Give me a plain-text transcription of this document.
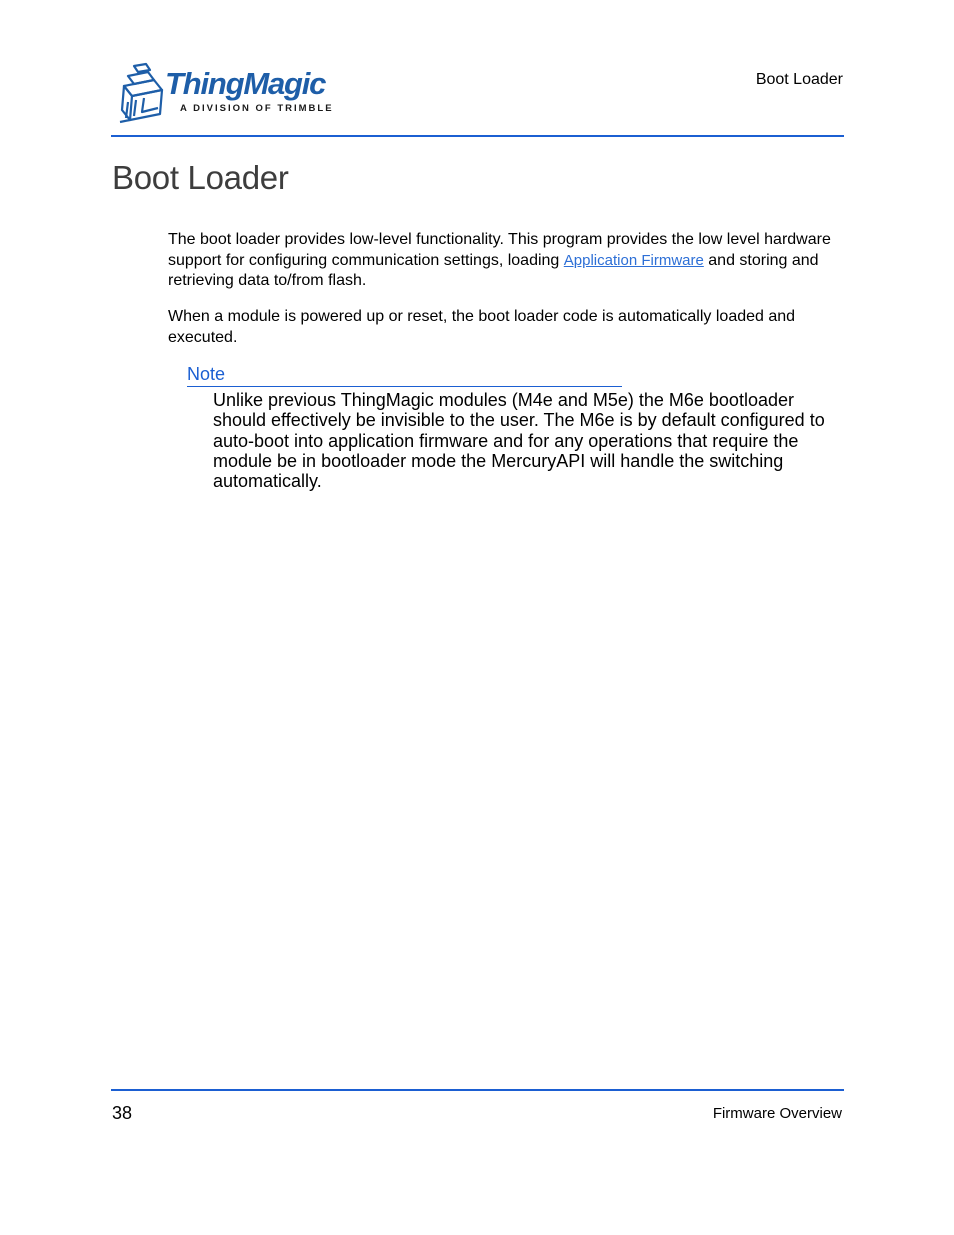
ThingMagic
A DIVISION OF TRIMBLE
Boot Loader
Boot Loader

The boot loader provides low-level functionality. This program provides the low level hardware support for configuring communication settings, loading Application Firmware and storing and retrieving data to/from flash.

When a module is powered up or reset, the boot loader code is automatically loaded and executed.

Note

Unlike previous ThingMagic modules (M4e and M5e) the M6e bootloader should effectively be invisible to the user. The M6e is by default configured to auto-boot into application firmware and for any operations that require the module be in bootloader mode the MercuryAPI will handle the switching automatically.

38	Firmware Overview
